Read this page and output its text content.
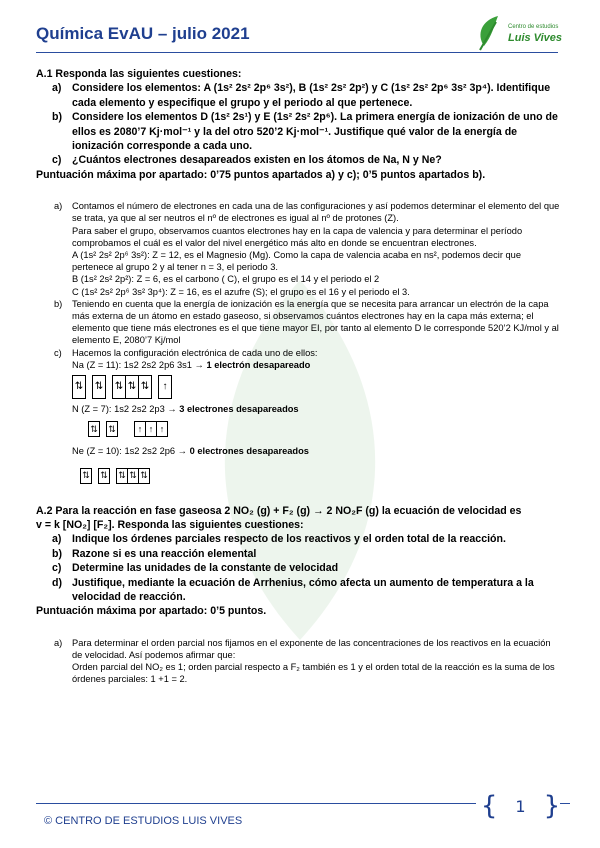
Química EvAU – julio 2021	Centro de estudios
Luis Vives
A.1 Responda las siguientes cuestiones:
a) Considere los elementos: A (1s² 2s² 2p⁶ 3s²), B (1s² 2s² 2p²) y C (1s² 2s² 2p⁶ 3s² 3p⁴). Identifique cada elemento y especifique el grupo y el periodo al que pertenece.
b) Considere los elementos D (1s² 2s¹) y E (1s² 2s² 2p⁶). La primera energía de ionización de uno de ellos es 2080’7 Kj·mol⁻¹ y la del otro 520’2 Kj·mol⁻¹. Justifique qué valor de la energía de ionización corresponde a cada uno.
c) ¿Cuántos electrones desapareados existen en los átomos de Na, N y Ne?
Puntuación máxima por apartado: 0’75 puntos apartados a) y c); 0’5 puntos apartados b).
a)	Contamos el número de electrones en cada una de las configuraciones y así podemos determinar el elemento del que se trata, ya que al ser neutros el nº de electrones es igual al nº de protones (Z).
Para saber el grupo, observamos cuantos electrones hay en la capa de valencia y para determinar el período comprobamos el cuál es el valor del nivel energético más alto en donde se encuentran electrones.
A (1s² 2s² 2p⁶ 3s²): Z = 12, es el Magnesio (Mg). Como la capa de valencia acaba en ns², podemos decir que pertenece al grupo 2 y al tener n = 3, el periodo 3.
B (1s² 2s² 2p²): Z = 6, es el carbono ( C), el grupo es el 14 y el periodo el 2
C (1s² 2s² 2p⁶ 3s² 3p⁴): Z = 16, es el azufre (S); el grupo es el 16 y el periodo el 3.
b)	Teniendo en cuenta que la energía de ionización es la energía que se necesita para arrancar un electrón de la capa más externa de un átomo en estado gaseoso, si observamos cuántos electrones hay en la capa más externa; el elemento que tiene más electrones es el que tiene mayor EI, por tanto al elemento D le corresponde 520’2 KJ/mol y al elemento E, 2080’7 Kj/mol
c)	Hacemos la configuración electrónica de cada uno de ellos:
Na (Z = 11): 1s2 2s2 2p6 3s1 → 1 electrón desapareado
⇅ ⇅ ⇅ ⇅ ⇅	↑
N (Z = 7): 1s2 2s2 2p3 → 3 electrones desapareados
⇅ ⇅	↑ ↑ ↑
Ne (Z = 10): 1s2 2s2 2p6 → 0 electrones desapareados
⇅ ⇅ ⇅ ⇅ ⇅
A.2 Para la reacción en fase gaseosa 2 NO₂ (g) + F₂ (g) → 2 NO₂F (g) la ecuación de velocidad es
v = k [NO₂] [F₂]. Responda las siguientes cuestiones:
a) Indique los órdenes parciales respecto de los reactivos y el orden total de la reacción.
b) Razone si es una reacción elemental
c) Determine las unidades de la constante de velocidad
d) Justifique, mediante la ecuación de Arrhenius, cómo afecta un aumento de temperatura a la velocidad de reacción.
Puntuación máxima por apartado: 0’5 puntos.
a)	Para determinar el orden parcial nos fijamos en el exponente de las concentraciones de los reactivos en la ecuación de velocidad. Así podemos afirmar que:
Orden parcial del NO₂ es 1; orden parcial respecto a F₂ también es 1 y el orden total de la reacción es la suma de los órdenes parciales: 1 +1 = 2.
{ 1 }
© CENTRO DE ESTUDIOS LUIS VIVES
